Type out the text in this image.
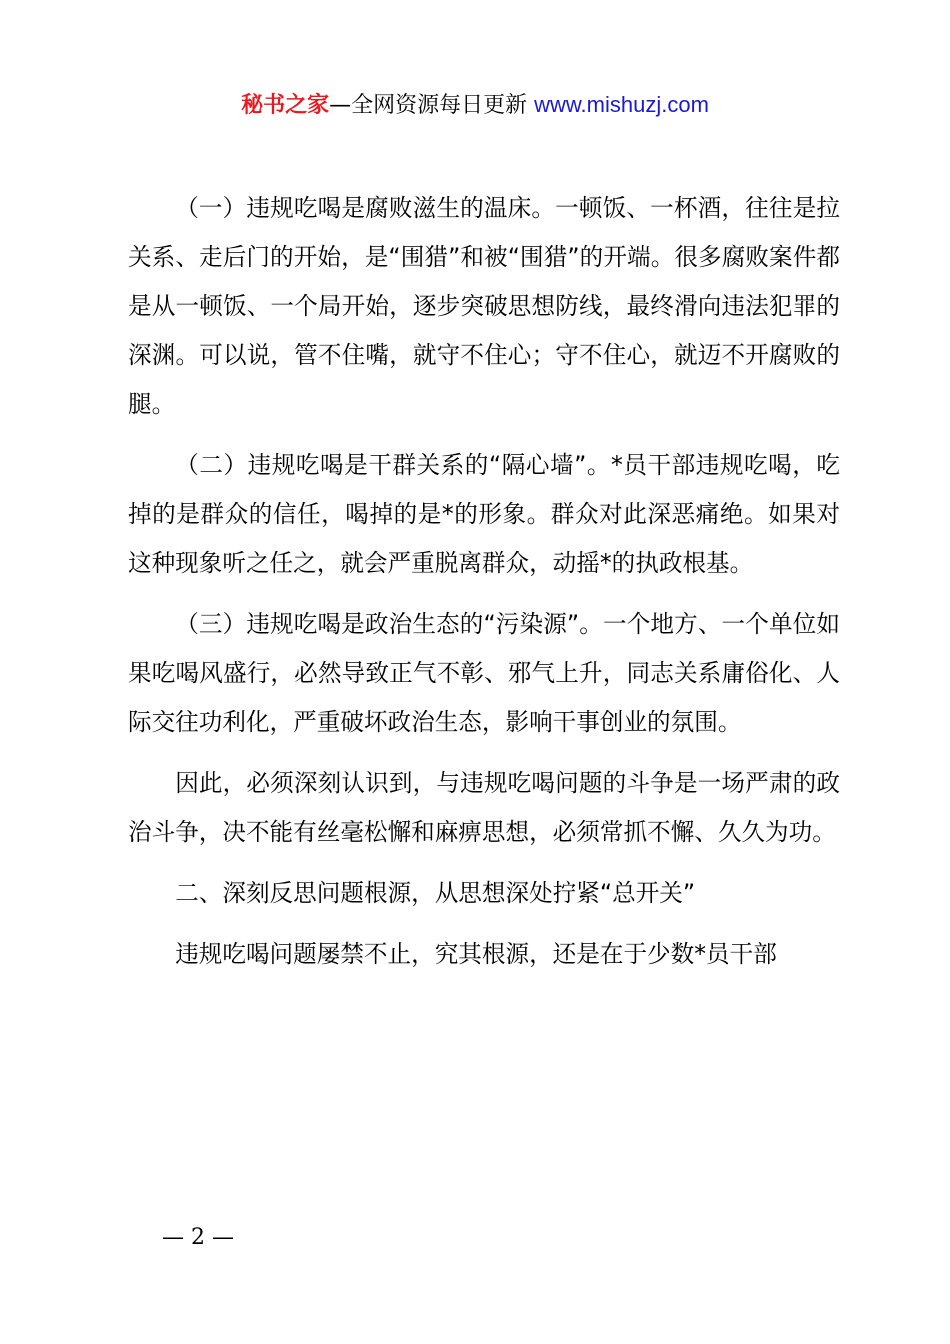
秘书之家—全网资源每日更新 www.mishuzj.com

（一）违规吃喝是腐败滋生的温床。一顿饭、一杯酒，往往是拉关系、走后门的开始，是“围猎”和被“围猎”的开端。很多腐败案件都是从一顿饭、一个局开始，逐步突破思想防线，最终滑向违法犯罪的深渊。可以说，管不住嘴，就守不住心；守不住心，就迈不开腐败的腿。

（二）违规吃喝是干群关系的“隔心墙”。*员干部违规吃喝，吃掉的是群众的信任，喝掉的是*的形象。群众对此深恶痛绝。如果对这种现象听之任之，就会严重脱离群众，动摇*的执政根基。

（三）违规吃喝是政治生态的“污染源”。一个地方、一个单位如果吃喝风盛行，必然导致正气不彰、邪气上升，同志关系庸俗化、人际交往功利化，严重破坏政治生态，影响干事创业的氛围。

因此，必须深刻认识到，与违规吃喝问题的斗争是一场严肃的政治斗争，决不能有丝毫松懈和麻痹思想，必须常抓不懈、久久为功。

二、深刻反思问题根源，从思想深处拧紧“总开关”

违规吃喝问题屡禁不止，究其根源，还是在于少数*员干部

— 2 —
